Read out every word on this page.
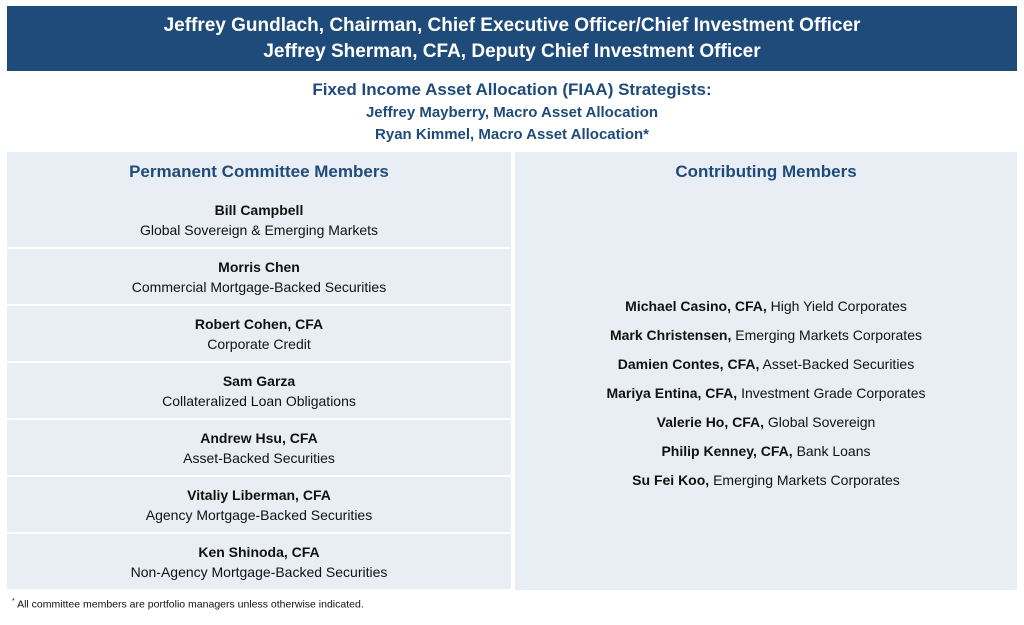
Jeffrey Gundlach, Chairman, Chief Executive Officer/Chief Investment Officer
Jeffrey Sherman, CFA, Deputy Chief Investment Officer
Fixed Income Asset Allocation (FIAA) Strategists:
Jeffrey Mayberry, Macro Asset Allocation
Ryan Kimmel, Macro Asset Allocation*
Permanent Committee Members	Contributing Members
Bill Campbell
Global Sovereign & Emerging Markets
Morris Chen
Commercial Mortgage-Backed Securities
Robert Cohen, CFA
Corporate Credit
Sam Garza
Collateralized Loan Obligations
Andrew Hsu, CFA
Asset-Backed Securities
Vitaliy Liberman, CFA
Agency Mortgage-Backed Securities
Ken Shinoda, CFA
Non-Agency Mortgage-Backed Securities
Michael Casino, CFA, High Yield Corporates
Mark Christensen, Emerging Markets Corporates
Damien Contes, CFA, Asset-Backed Securities
Mariya Entina, CFA, Investment Grade Corporates
Valerie Ho, CFA, Global Sovereign
Philip Kenney, CFA, Bank Loans
Su Fei Koo, Emerging Markets Corporates
* All committee members are portfolio managers unless otherwise indicated.
